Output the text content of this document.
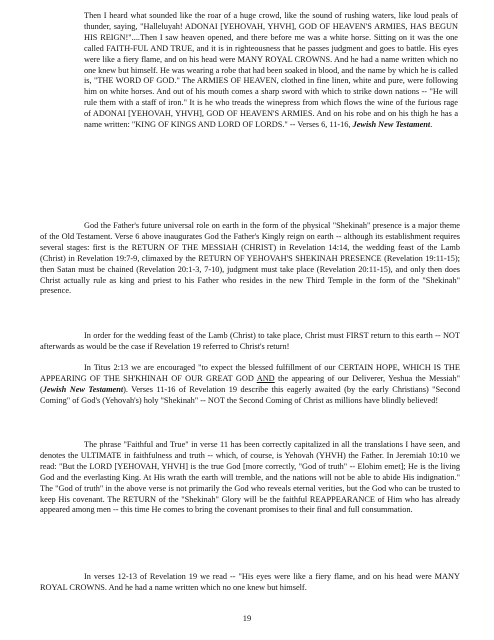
Then I heard what sounded like the roar of a huge crowd, like the sound of rushing waters, like loud peals of thunder, saying, "Halleluyah! ADONAI [YEHOVAH, YHVH], GOD OF HEAVEN'S ARMIES, HAS BEGUN HIS REIGN!"....Then I saw heaven opened, and there before me was a white horse. Sitting on it was the one called FAITH-FUL AND TRUE, and it is in righteousness that he passes judgment and goes to battle. His eyes were like a fiery flame, and on his head were MANY ROYAL CROWNS. And he had a name written which no one knew but himself. He was wearing a robe that had been soaked in blood, and the name by which he is called is, "THE WORD OF GOD." The ARMIES OF HEAVEN, clothed in fine linen, white and pure, were following him on white horses. And out of his mouth comes a sharp sword with which to strike down nations -- "He will rule them with a staff of iron." It is he who treads the winepress from which flows the wine of the furious rage of ADONAI [YEHOVAH, YHVH], GOD OF HEAVEN'S ARMIES. And on his robe and on his thigh he has a name written: "KING OF KINGS AND LORD OF LORDS." -- Verses 6, 11-16, Jewish New Testament.
God the Father's future universal role on earth in the form of the physical "Shekinah" presence is a major theme of the Old Testament. Verse 6 above inaugurates God the Father's Kingly reign on earth -- although its establishment requires several stages: first is the RETURN OF THE MESSIAH (CHRIST) in Revelation 14:14, the wedding feast of the Lamb (Christ) in Revelation 19:7-9, climaxed by the RETURN OF YEHOVAH'S SHEKINAH PRESENCE (Revelation 19:11-15); then Satan must be chained (Revelation 20:1-3, 7-10), judgment must take place (Revelation 20:11-15), and only then does Christ actually rule as king and priest to his Father who resides in the new Third Temple in the form of the "Shekinah" presence.
In order for the wedding feast of the Lamb (Christ) to take place, Christ must FIRST return to this earth -- NOT afterwards as would be the case if Revelation 19 referred to Christ's return!
In Titus 2:13 we are encouraged "to expect the blessed fulfillment of our CERTAIN HOPE, WHICH IS THE APPEARING OF THE SH'KHINAH OF OUR GREAT GOD AND the appearing of our Deliverer, Yeshua the Messiah" (Jewish New Testament). Verses 11-16 of Revelation 19 describe this eagerly awaited (by the early Christians) "Second Coming" of God's (Yehovah's) holy "Shekinah" -- NOT the Second Coming of Christ as millions have blindly believed!
The phrase "Faithful and True" in verse 11 has been correctly capitalized in all the translations I have seen, and denotes the ULTIMATE in faithfulness and truth -- which, of course, is Yehovah (YHVH) the Father. In Jeremiah 10:10 we read: "But the LORD [YEHOVAH, YHVH] is the true God [more correctly, "God of truth" -- Elohim emet]; He is the living God and the everlasting King. At His wrath the earth will tremble, and the nations will not be able to abide His indignation." The "God of truth" in the above verse is not primarily the God who reveals eternal verities, but the God who can be trusted to keep His covenant. The RETURN of the "Shekinah" Glory will be the faithful REAPPEARANCE of Him who has already appeared among men -- this time He comes to bring the covenant promises to their final and full consummation.
In verses 12-13 of Revelation 19 we read -- "His eyes were like a fiery flame, and on his head were MANY ROYAL CROWNS. And he had a name written which no one knew but himself.
19
